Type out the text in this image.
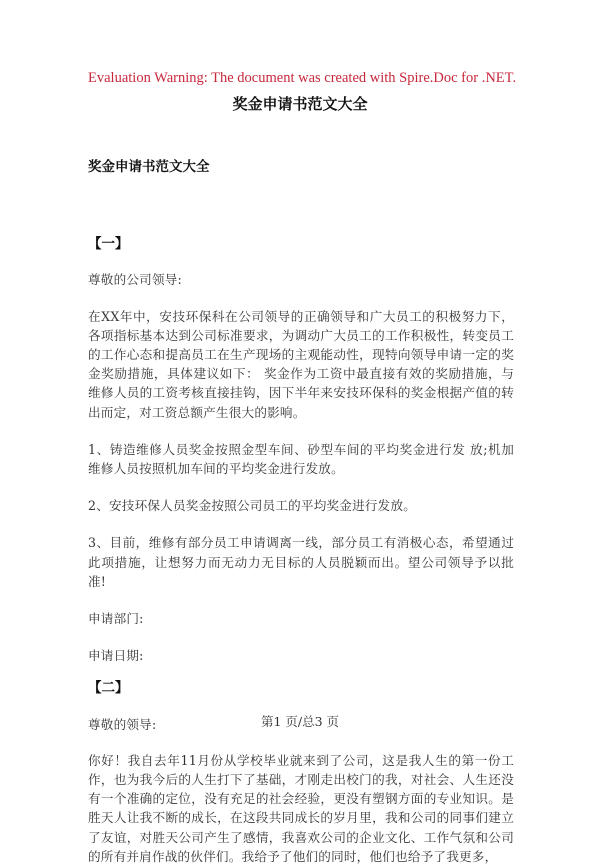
Evaluation Warning: The document was created with Spire.Doc for .NET.
奖金申请书范文大全

奖金申请书范文大全

【一】

尊敬的公司领导:

在XX年中，安技环保科在公司领导的正确领导和广大员工的积极努力下，各项指标基本达到公司标准要求，为调动广大员工的工作积极性，转变员工的工作心态和提高员工在生产现场的主观能动性，现特向领导申请一定的奖金奖励措施，具体建议如下： 奖金作为工资中最直接有效的奖励措施，与维修人员的工资考核直接挂钩，因下半年来安技环保科的奖金根据产值的转出而定，对工资总额产生很大的影响。

1、铸造维修人员奖金按照金型车间、砂型车间的平均奖金进行发 放;机加维修人员按照机加车间的平均奖金进行发放。

2、安技环保人员奖金按照公司员工的平均奖金进行发放。

3、目前，维修有部分员工申请调离一线，部分员工有消极心态，希望通过此项措施，让想努力而无动力无目标的人员脱颖而出。望公司领导予以批准!

申请部门:

申请日期:

【二】

尊敬的领导:

你好！我自去年11月份从学校毕业就来到了公司，这是我人生的第一份工作，也为我今后的人生打下了基础，才刚走出校门的我，对社会、人生还没有一个准确的定位，没有充足的社会经验，更没有塑钢方面的专业知识。是胜天人让我不断的成长，在这段共同成长的岁月里，我和公司的同事们建立了友谊，对胜天公司产生了感情，我喜欢公司的企业文化、工作气氛和公司的所有并肩作战的伙伴们。我给予了他们的同时，他们也给予了我更多，

第1 页/总3 页
